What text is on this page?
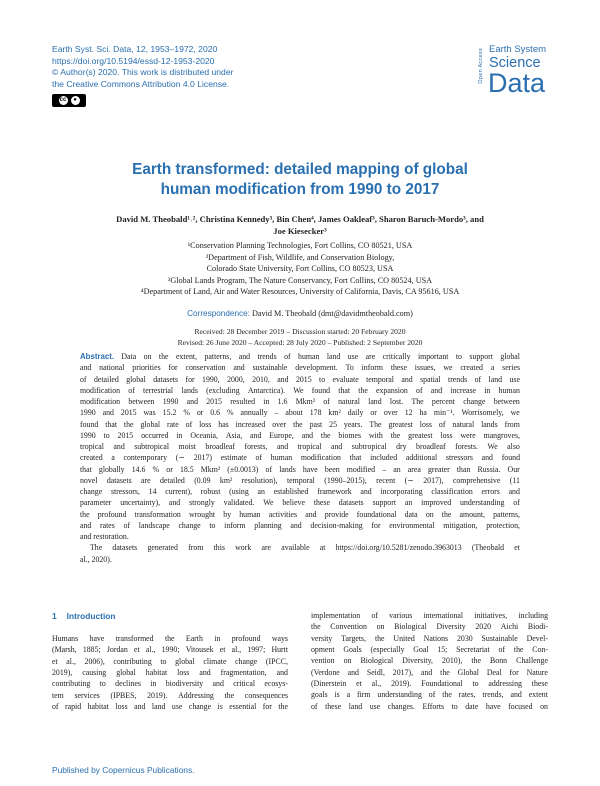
Earth Syst. Sci. Data, 12, 1953–1972, 2020
https://doi.org/10.5194/essd-12-1953-2020
© Author(s) 2020. This work is distributed under
the Creative Commons Attribution 4.0 License.
cc	●
Open Access Earth System
Science
Data
Earth transformed: detailed mapping of global
human modification from 1990 to 2017
David M. Theobald¹˒², Christina Kennedy³, Bin Chen⁴, James Oakleaf³, Sharon Baruch-Mordo³, and
Joe Kiesecker³
¹Conservation Planning Technologies, Fort Collins, CO 80521, USA
²Department of Fish, Wildlife, and Conservation Biology,
Colorado State University, Fort Collins, CO 80523, USA
³Global Lands Program, The Nature Conservancy, Fort Collins, CO 80524, USA
⁴Department of Land, Air and Water Resources, University of California, Davis, CA 95616, USA
Correspondence: David M. Theobald (dmt@davidmtheobald.com)
Received: 28 December 2019 – Discussion started: 20 February 2020
Revised: 26 June 2020 – Accepted: 28 July 2020 – Published: 2 September 2020
Abstract. Data on the extent, patterns, and trends of human land use are critically important to support global
and national priorities for conservation and sustainable development. To inform these issues, we created a series
of detailed global datasets for 1990, 2000, 2010, and 2015 to evaluate temporal and spatial trends of land use
modification of terrestrial lands (excluding Antarctica). We found that the expansion of and increase in human
modification between 1990 and 2015 resulted in 1.6 Mkm² of natural land lost. The percent change between
1990 and 2015 was 15.2 % or 0.6 % annually – about 178 km² daily or over 12 ha min⁻¹. Worrisomely, we
found that the global rate of loss has increased over the past 25 years. The greatest loss of natural lands from
1990 to 2015 occurred in Oceania, Asia, and Europe, and the biomes with the greatest loss were mangroves,
tropical and subtropical moist broadleaf forests, and tropical and subtropical dry broadleaf forests. We also
created a contemporary (∼ 2017) estimate of human modification that included additional stressors and found
that globally 14.6 % or 18.5 Mkm² (±0.0013) of lands have been modified – an area greater than Russia. Our
novel datasets are detailed (0.09 km² resolution), temporal (1990–2015), recent (∼ 2017), comprehensive (11
change stressors, 14 current), robust (using an established framework and incorporating classification errors and
parameter uncertainty), and strongly validated. We believe these datasets support an improved understanding of
the profound transformation wrought by human activities and provide foundational data on the amount, patterns,
and rates of landscape change to inform planning and decision-making for environmental mitigation, protection,
and restoration.
The datasets generated from this work are available at https://doi.org/10.5281/zenodo.3963013 (Theobald et
al., 2020).
1 Introduction
Humans have transformed the Earth in profound ways
(Marsh, 1885; Jordan et al., 1990; Vitousek et al., 1997; Hurtt
et al., 2006), contributing to global climate change (IPCC,
2019), causing global habitat loss and fragmentation, and
contributing to declines in biodiversity and critical ecosys-
tem services (IPBES, 2019). Addressing the consequences
of rapid habitat loss and land use change is essential for the
implementation of various international initiatives, including
the Convention on Biological Diversity 2020 Aichi Biodi-
versity Targets, the United Nations 2030 Sustainable Devel-
opment Goals (especially Goal 15; Secretariat of the Con-
vention on Biological Diversity, 2010), the Bonn Challenge
(Verdone and Seidl, 2017), and the Global Deal for Nature
(Dinerstein et al., 2019). Foundational to addressing these
goals is a firm understanding of the rates, trends, and extent
of these land use changes. Efforts to date have focused on
Published by Copernicus Publications.
